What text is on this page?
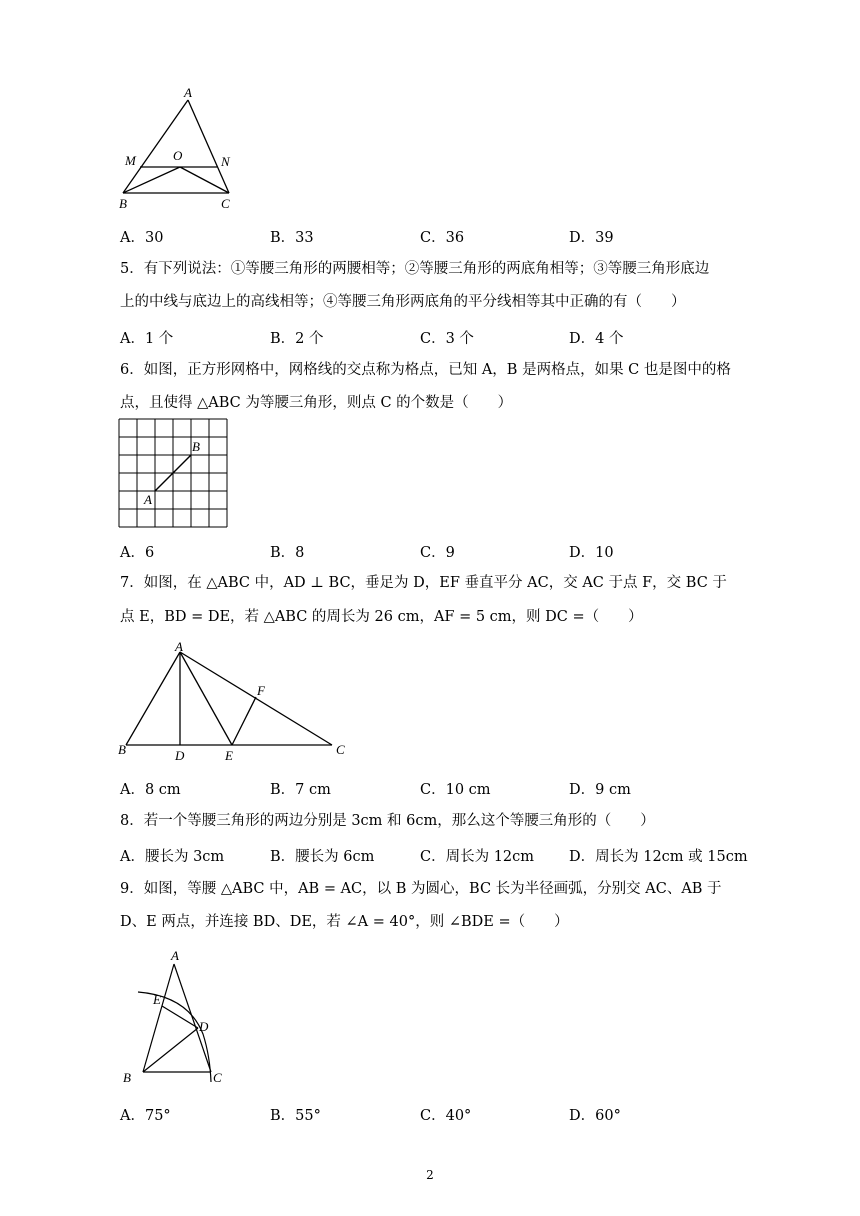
A
M	O	N
B	C
A．30	B．33	C．36	D．39
5．有下列说法：①等腰三角形的两腰相等；②等腰三角形的两底角相等；③等腰三角形底边
上的中线与底边上的高线相等；④等腰三角形两底角的平分线相等其中正确的有（　　）
A．1 个	B．2 个	C．3 个	D．4 个
6．如图，正方形网格中，网格线的交点称为格点，已知 A，B 是两格点，如果 C 也是图中的格
点，且使得 △ABC 为等腰三角形，则点 C 的个数是（　　）
B
A
A．6	B．8	C．9	D．10
7．如图，在 △ABC 中，AD ⊥ BC，垂足为 D，EF 垂直平分 AC，交 AC 于点 F，交 BC 于
点 E，BD = DE，若 △ABC 的周长为 26 cm，AF = 5 cm，则 DC =（　　）
A
F
B	D	E	C
A．8 cm	B．7 cm	C．10 cm	D．9 cm
8．若一个等腰三角形的两边分别是 3cm 和 6cm，那么这个等腰三角形的（　　）
A．腰长为 3cm	B．腰长为 6cm	C．周长为 12cm D．周长为 12cm 或 15cm
9．如图，等腰 △ABC 中，AB = AC，以 B 为圆心，BC 长为半径画弧，分别交 AC、AB 于
D、E 两点，并连接 BD、DE，若 ∠A = 40°，则 ∠BDE =（　　）
A
E
D
B	C
A．75°	B．55°	C．40°	D．60°
2
